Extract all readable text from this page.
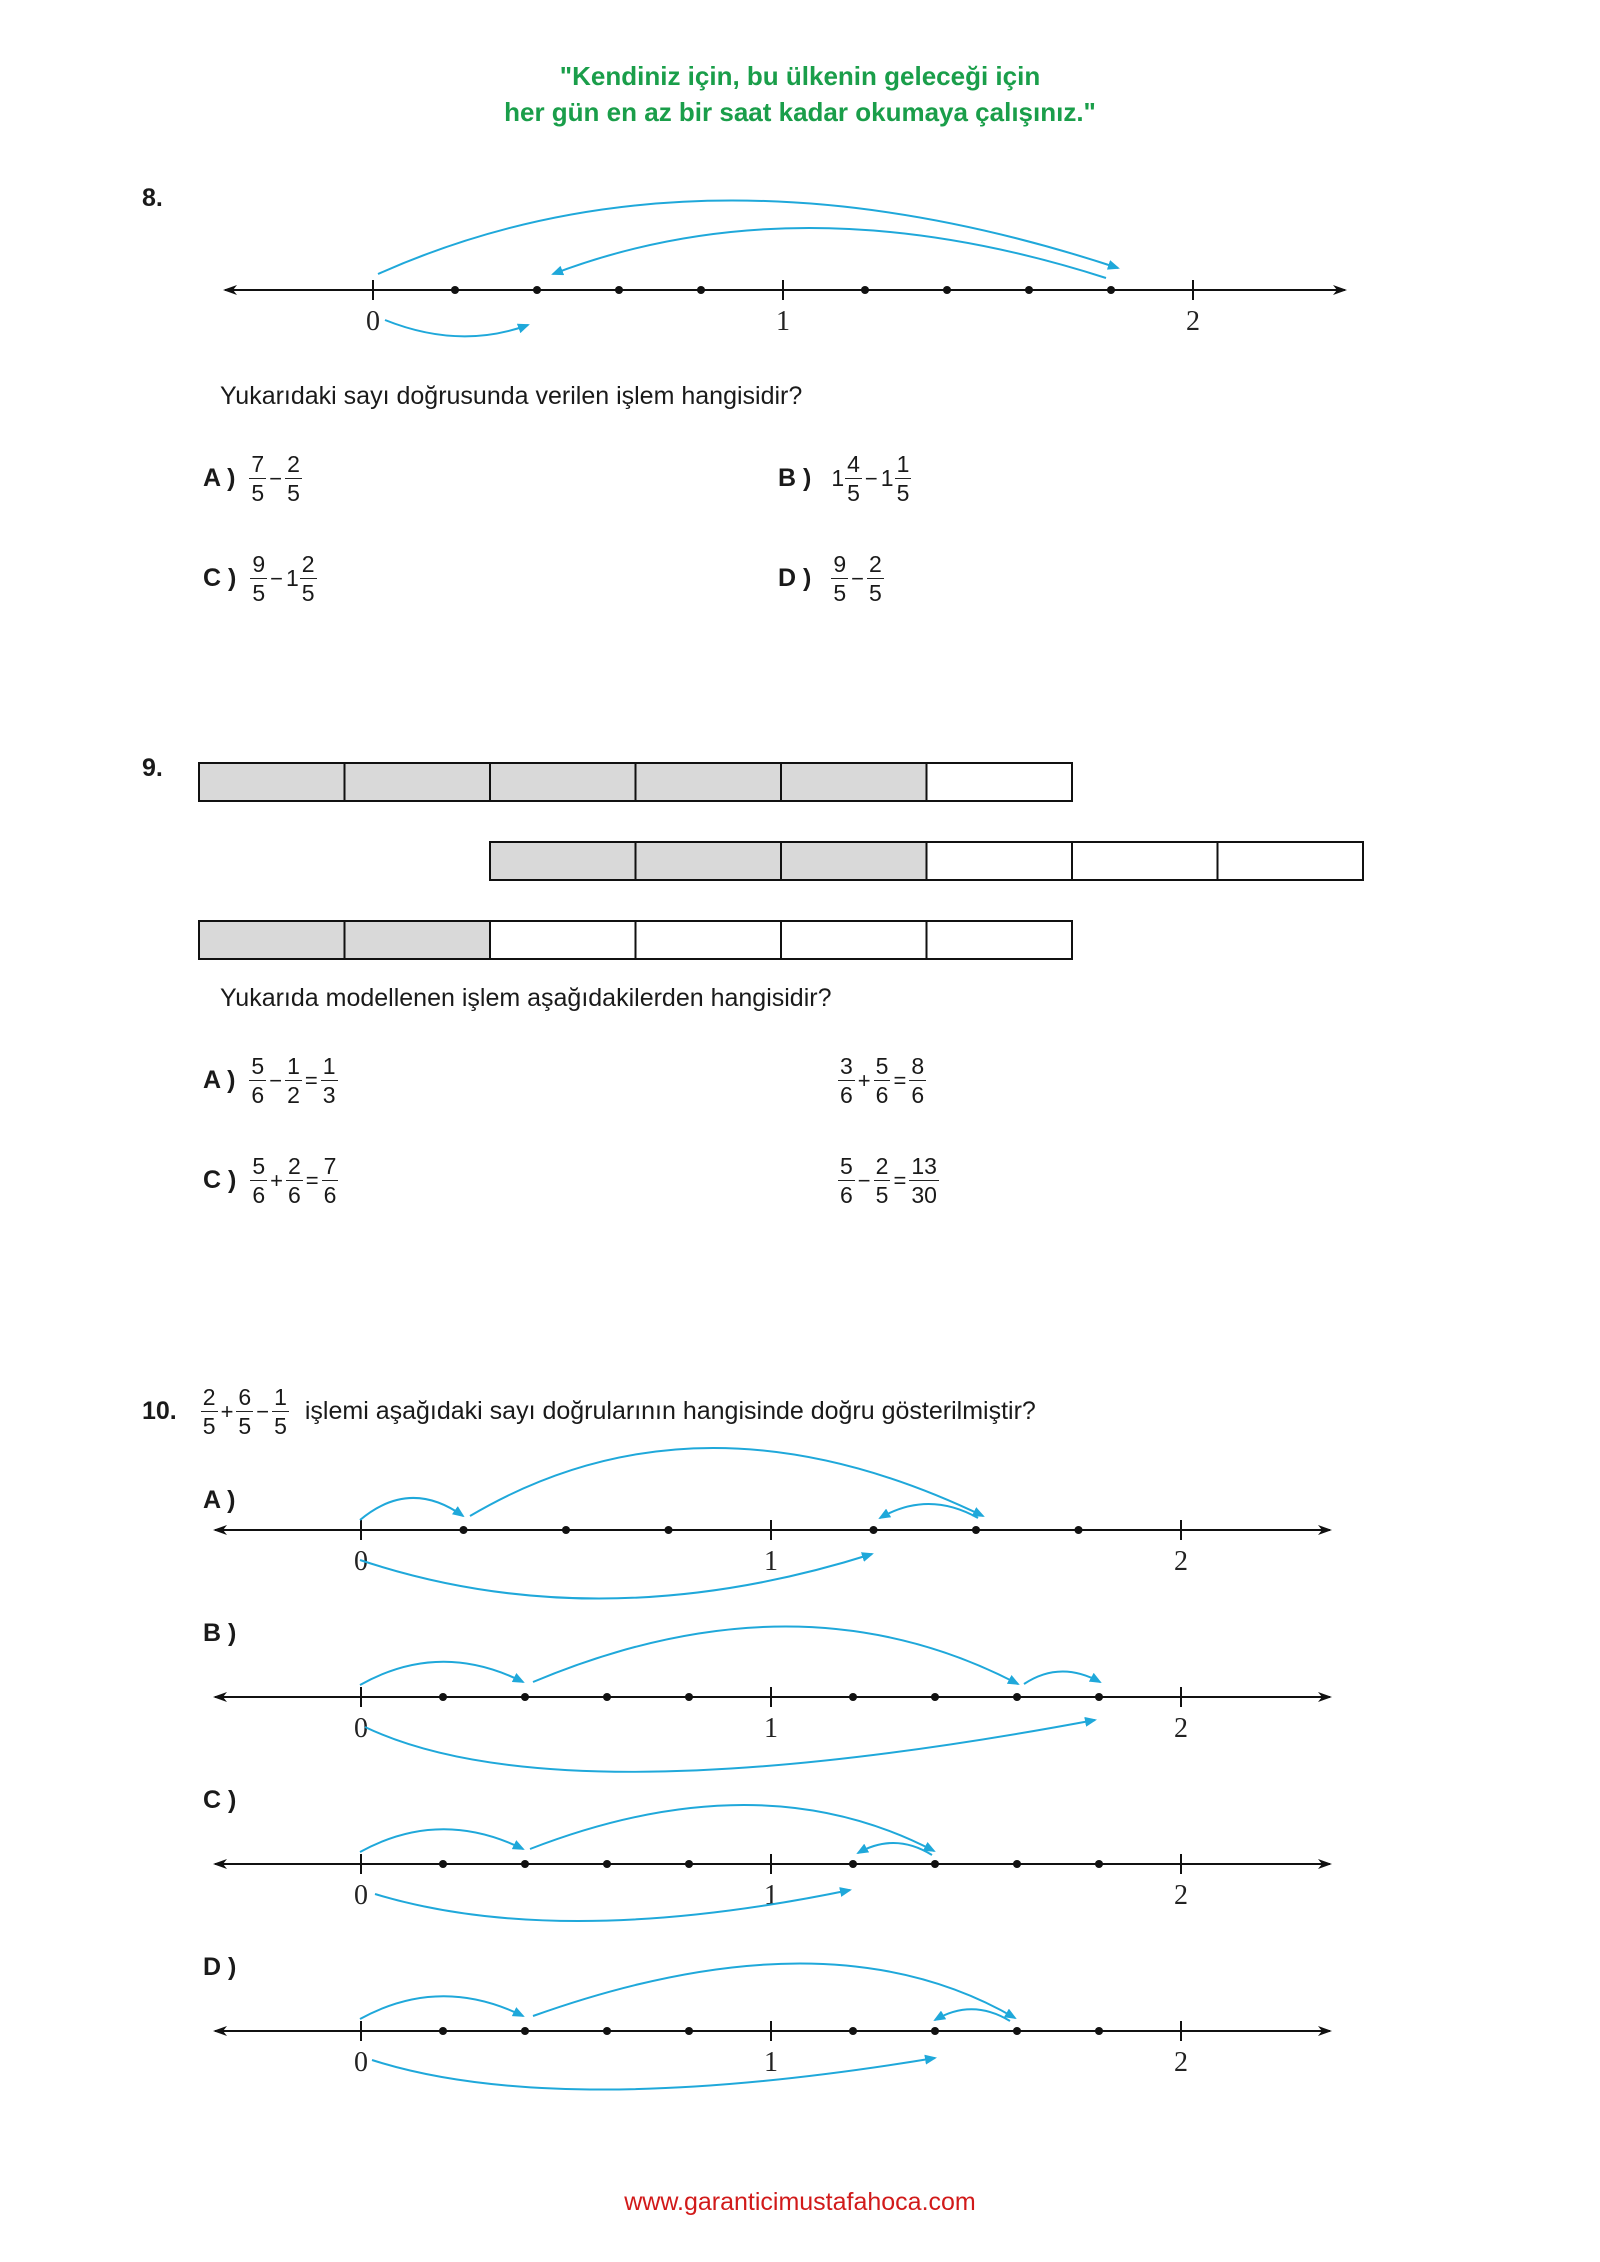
"Kendiniz için, bu ülkenin geleceği için
her gün en az bir saat kadar okumaya çalışınız."
8.
0	1	2
Yukarıdaki sayı doğrusunda verilen işlem hangisidir?
A ) $\frac{7}{5} - \frac{2}{5}$	B ) $1 \frac{4}{5} - 1 \frac{1}{5}$
C ) $\frac{9}{5} - 1 \frac{2}{5}$	D ) $\frac{9}{5} - \frac{2}{5}$
9.
Yukarıda modellenen işlem aşağıdakilerden hangisidir?
A ) $\frac{5}{6} - \frac{1}{2} = \frac{1}{3}$	$\frac{3}{6} + \frac{5}{6} = \frac{8}{6}$
C ) $\frac{5}{6} + \frac{2}{6} = \frac{7}{6}$	$\frac{5}{6} - \frac{2}{5} = \frac{13}{30}$
10. $\frac{2}{5} + \frac{6}{5} - \frac{1}{5}$ işlemi aşağıdaki sayı doğrularının hangisinde doğru gösterilmiştir?
A )
B )
C )
D )
0	1	2
0	1	2
0	1	2
0	1	2
www.garanticimustafahoca.com
